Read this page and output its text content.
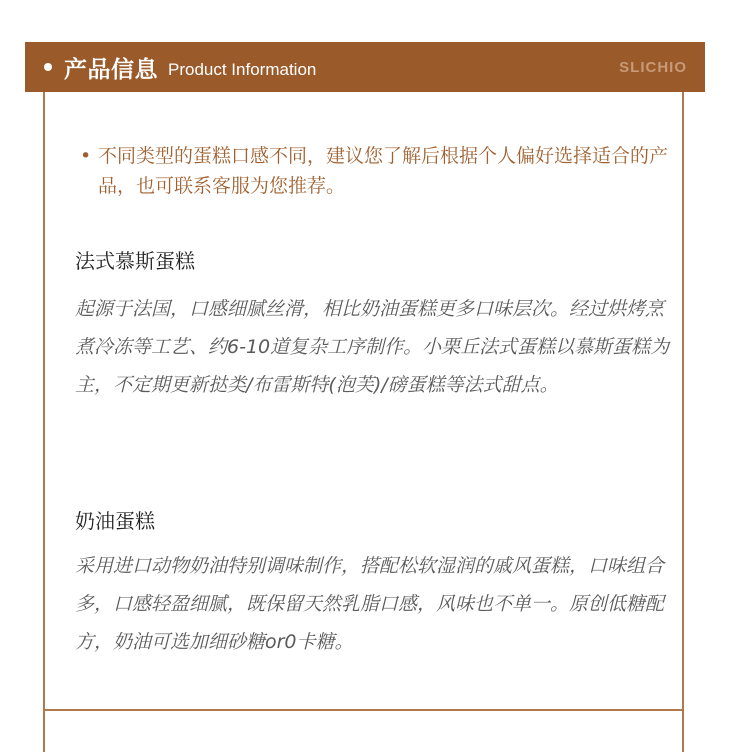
产品信息 Product Information	SLICHIO
• 不同类型的蛋糕口感不同，建议您了解后根据个人偏好选择适合的产品，也可联系客服为您推荐。
法式慕斯蛋糕
起源于法国，口感细腻丝滑，相比奶油蛋糕更多口味层次。经过烘烤烹煮冷冻等工艺、约6-10道复杂工序制作。小栗丘法式蛋糕以慕斯蛋糕为主，不定期更新挞类/布雷斯特(泡芙)/磅蛋糕等法式甜点。
奶油蛋糕
采用进口动物奶油特别调味制作，搭配松软湿润的戚风蛋糕，口味组合多，口感轻盈细腻，既保留天然乳脂口感，风味也不单一。原创低糖配方，奶油可选加细砂糖or0卡糖。
